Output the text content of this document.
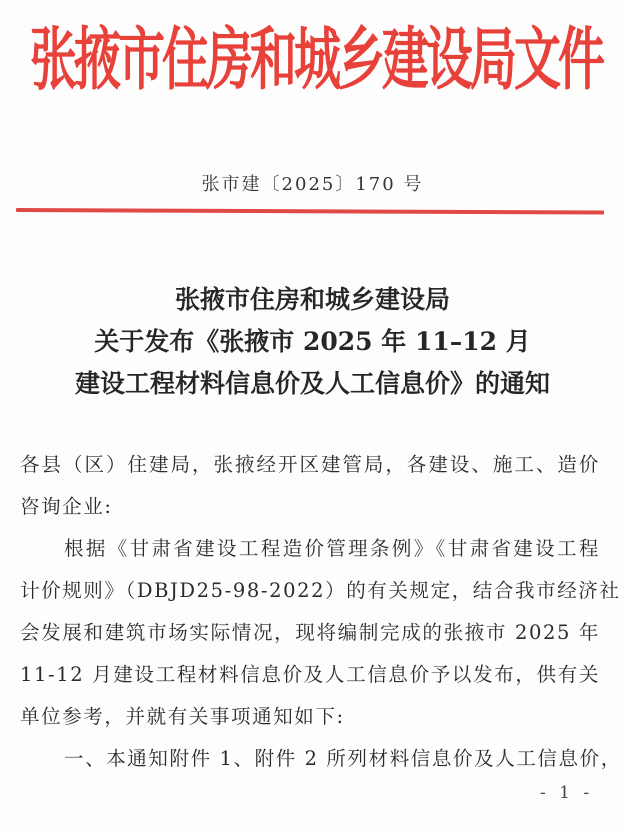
张掖市住房和城乡建设局文件
张市建〔2025〕170 号
张掖市住房和城乡建设局
关于发布《张掖市 2025 年 11–12 月
建设工程材料信息价及人工信息价》的通知
各县（区）住建局，张掖经开区建管局，各建设、施工、造价
咨询企业:
根据《甘肃省建设工程造价管理条例》《甘肃省建设工程
计价规则》（DBJD25-98-2022）的有关规定，结合我市经济社
会发展和建筑市场实际情况，现将编制完成的张掖市 2025 年
11-12 月建设工程材料信息价及人工信息价予以发布，供有关
单位参考，并就有关事项通知如下:
一、本通知附件 1、附件 2 所列材料信息价及人工信息价，
- 1 -
